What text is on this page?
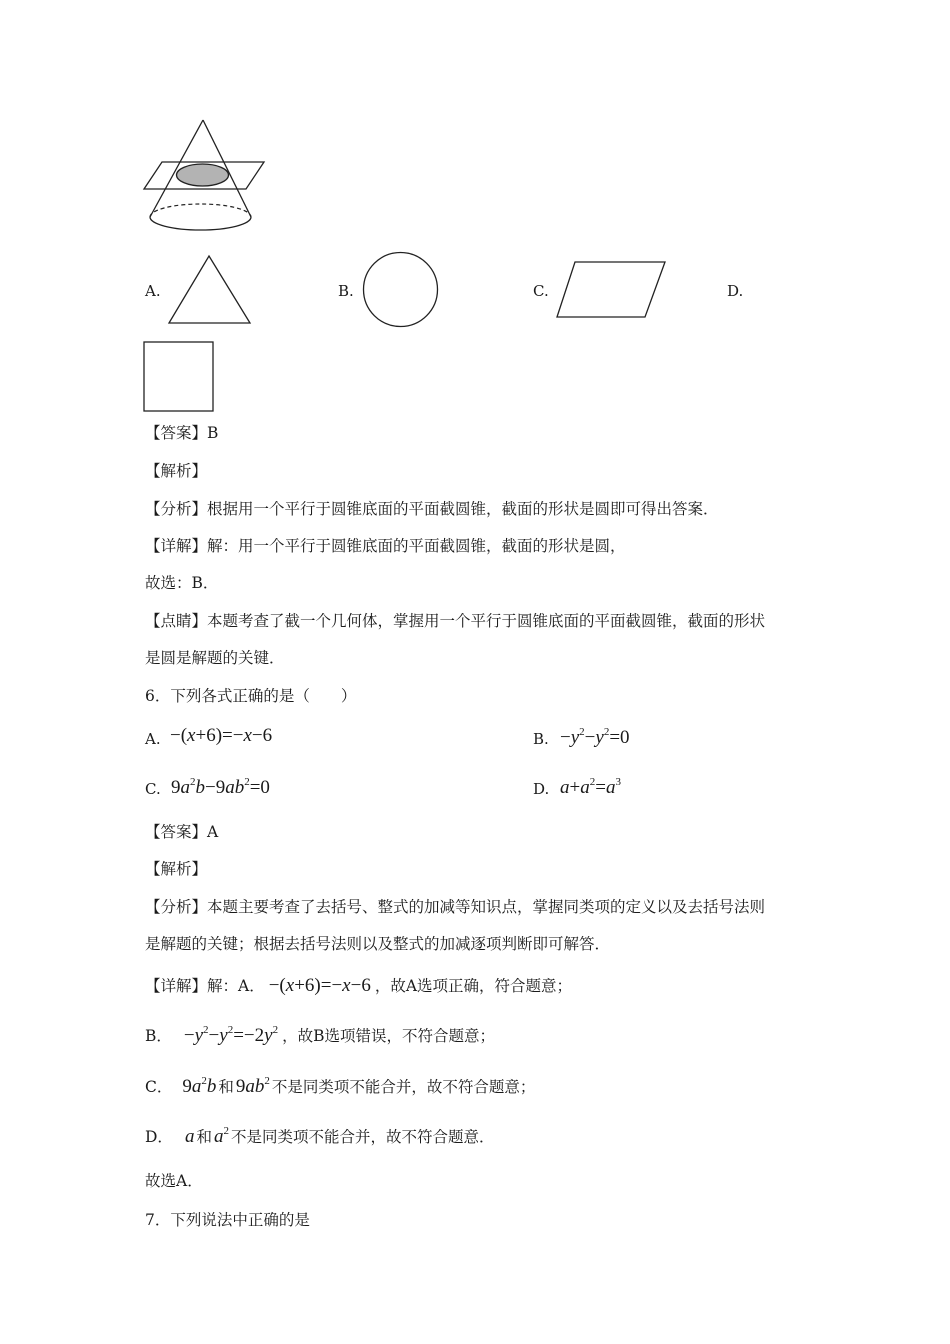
A.	B.	C.	D.
【答案】B
【解析】
【分析】根据用一个平行于圆锥底面的平面截圆锥，截面的形状是圆即可得出答案．
【详解】解：用一个平行于圆锥底面的平面截圆锥，截面的形状是圆，
故选：B．
【点睛】本题考查了截一个几何体，掌握用一个平行于圆锥底面的平面截圆锥，截面的形状
是圆是解题的关键．
6．下列各式正确的是（　　）
A. −(x+6)=−x−6	B. $-y^2-y^2=0$
C. $9a^2b-9ab^2=0$	D. $a+a^2=a^3$
【答案】A
【解析】
【分析】本题主要考查了去括号、整式的加减等知识点，掌握同类项的定义以及去括号法则
是解题的关键；根据去括号法则以及整式的加减逐项判断即可解答．
【详解】解：A． −(x+6)=−x−6 ，故A选项正确，符合题意；
B． $-y^2-y^2=-2y^2$ ，故B选项错误，不符合题意；
C． $9a^2b$ 和 $9ab^2$ 不是同类项不能合并，故不符合题意；
D． a 和 $a^2$ 不是同类项不能合并，故不符合题意．
故选A．
7．下列说法中正确的是
